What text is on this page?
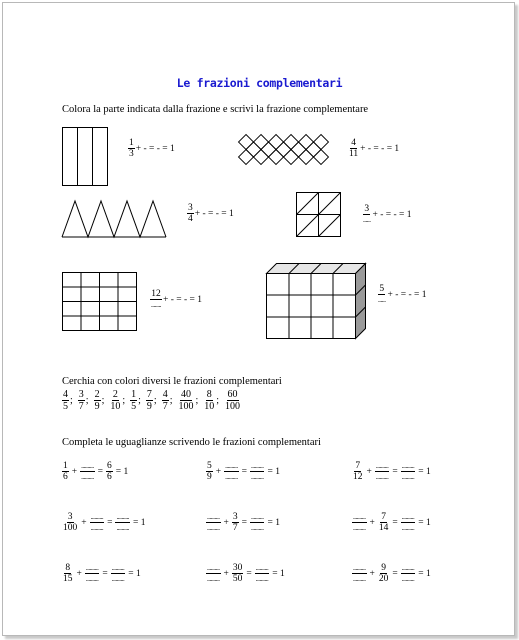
Le frazioni complementari
Colora la parte indicata dalla frazione e scrivi la frazione complementare
$\frac{1}{3}$ + - = - = 1	$\frac{4}{11}$ + - = - = 1
$\frac{3}{4}$ + - = - = 1	3
......
+ - = - = 1
12
........
+ - = - = 1
5
......
+ - = - = 1
Cerchia con colori diversi le frazioni complementari
$\frac{4}{5}$ ; $\frac{3}{7}$ ; $\frac{2}{9}$ ; $\frac{2}{10}$ ; $\frac{1}{5}$ ; $\frac{7}{9}$ ; $\frac{4}{7}$ ; $\frac{40}{100}$ ; $\frac{8}{10}$ ; $\frac{60}{100}$
Completa le uguaglianze scrivendo le frazioni complementari
$\frac{1}{6}$ +
..........
..........
= $\frac{6}{6} = 1$	$\frac{5}{9}$ +
..........
..........
=
..........
..........
= 1	$\frac{7}{12}$ +
..........
..........
=
..........
..........
= 1
$\frac{3}{100}$ +
..........
..........
=
..........
..........
= 1
..........
..........
+ $\frac{3}{7}$ =
..........
..........
= 1
..........
..........
+ $\frac{7}{14}$ =
..........
..........
= 1
$\frac{8}{15}$ +
..........
..........
=
..........
..........
= 1
..........
..........
+ $\frac{30}{50}$ =
..........
..........
= 1
..........
..........
+ $\frac{9}{20}$ =
..........
..........
= 1
